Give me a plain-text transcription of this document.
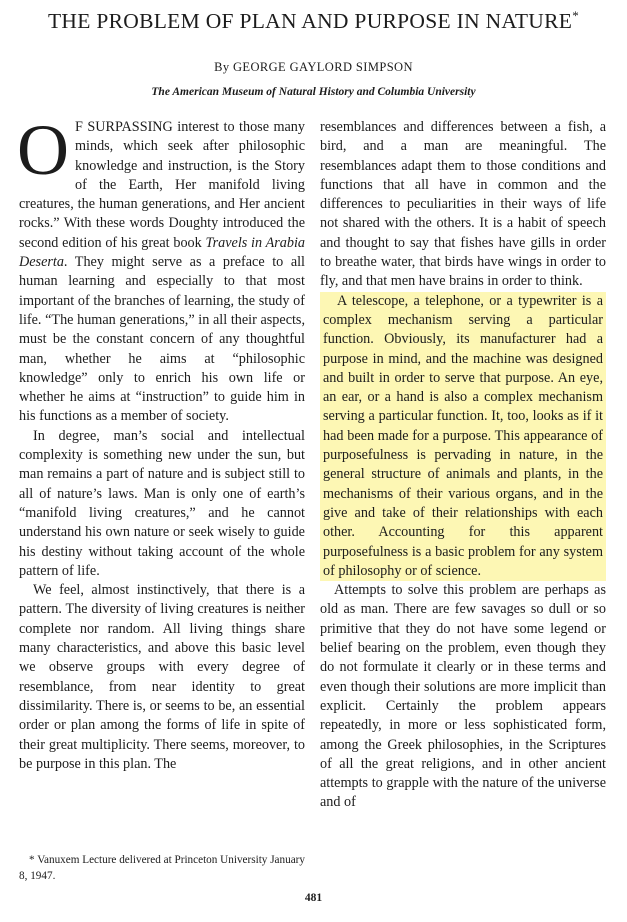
THE PROBLEM OF PLAN AND PURPOSE IN NATURE*
By GEORGE GAYLORD SIMPSON
The American Museum of Natural History and Columbia University

O F SURPASSING interest to those many minds, which seek after philosophic knowledge and instruction, is the Story of the Earth, Her manifold living creatures, the human generations, and Her ancient rocks.” With these words Doughty introduced the second edition of his great book Travels in Arabia Deserta. They might serve as a preface to all human learning and especially to that most important of the branches of learning, the study of life. “The human generations,” in all their aspects, must be the constant concern of any thoughtful man, whether he aims at “philosophic knowledge” only to enrich his own life or whether he aims at “instruction” to guide him in his functions as a member of society.

In degree, man’s social and intellectual complexity is something new under the sun, but man remains a part of nature and is subject still to all of nature’s laws. Man is only one of earth’s “manifold living creatures,” and he cannot understand his own nature or seek wisely to guide his destiny without taking account of the whole pattern of life.

We feel, almost instinctively, that there is a pattern. The diversity of living creatures is neither complete nor random. All living things share many characteristics, and above this basic level we observe groups with every degree of resemblance, from near identity to great dissimilarity. There is, or seems to be, an essential order or plan among the forms of life in spite of their great multiplicity. There seems, moreover, to be purpose in this plan. The

resemblances and differences between a fish, a bird, and a man are meaningful. The resemblances adapt them to those conditions and functions that all have in common and the differences to peculiarities in their ways of life not shared with the others. It is a habit of speech and thought to say that fishes have gills in order to breathe water, that birds have wings in order to fly, and that men have brains in order to think.

A telescope, a telephone, or a typewriter is a complex mechanism serving a particular function. Obviously, its manufacturer had a purpose in mind, and the machine was designed and built in order to serve that purpose. An eye, an ear, or a hand is also a complex mechanism serving a particular function. It, too, looks as if it had been made for a purpose. This appearance of purposefulness is pervading in nature, in the general structure of animals and plants, in the mechanisms of their various organs, and in the give and take of their relationships with each other. Accounting for this apparent purposefulness is a basic problem for any system of philosophy or of science.

Attempts to solve this problem are perhaps as old as man. There are few savages so dull or so primitive that they do not have some legend or belief bearing on the problem, even though they do not formulate it clearly or in these terms and even though their solutions are more implicit than explicit. Certainly the problem appears repeatedly, in more or less sophisticated form, among the Greek philosophies, in the Scriptures of all the great religions, and in other ancient attempts to grapple with the nature of the universe and of

* Vanuxem Lecture delivered at Princeton University January 8, 1947.

481
